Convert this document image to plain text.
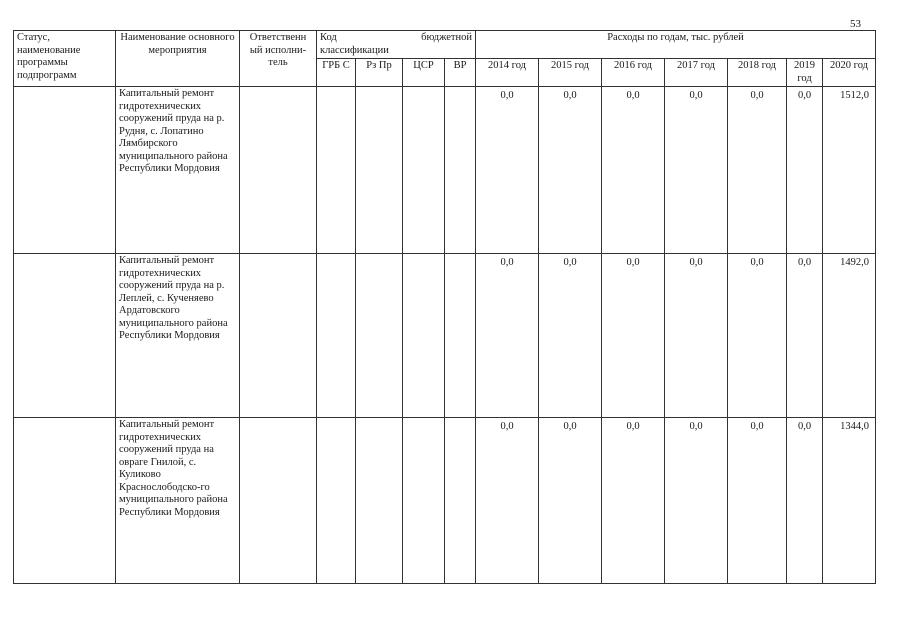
53
Статус, наименование программы подпрограмм	Наименование основного мероприятия	Ответственн ый исполни-тель	Код бюджетной
классификации				Расходы по годам, тыс. рублей						
			ГРБ С	Рз Пр	ЦСР	ВР	2014 год	2015 год	2016 год	2017 год	2018 год	2019 год	2020 год
	Капитальный ремонт гидротехнических сооружений пруда на р. Рудня, с. Лопатино Лямбирского муниципального района Республики Мордовия						0,0	0,0	0,0	0,0	0,0	0,0	1512,0
	Капитальный ремонт гидротехнических сооружений пруда на р. Леплей, с. Кученяево Ардатовского муниципального района Республики Мордовия						0,0	0,0	0,0	0,0	0,0	0,0	1492,0
	Капитальный ремонт гидротехнических сооружений пруда на овраге Гнилой, с. Куликово Краснослободско-го муниципального района Республики Мордовия						0,0	0,0	0,0	0,0	0,0	0,0	1344,0
